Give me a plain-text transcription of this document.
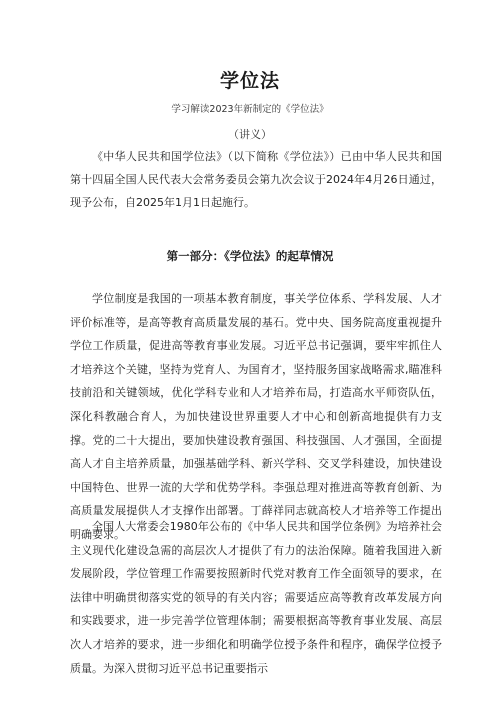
学位法
学习解读2023年新制定的《学位法》
（讲义）

《中华人民共和国学位法》（以下简称《学位法》）已由中华人民共和国第十四届全国人民代表大会常务委员会第九次会议于2024年4月26日通过，现予公布，自2025年1月1日起施行。

第一部分：《学位法》的起草情况

学位制度是我国的一项基本教育制度，事关学位体系、学科发展、人才评价标准等，是高等教育高质量发展的基石。党中央、国务院高度重视提升学位工作质量，促进高等教育事业发展。习近平总书记强调，要牢牢抓住人才培养这个关键，坚持为党育人、为国育才，坚持服务国家战略需求,瞄准科技前沿和关键领域，优化学科专业和人才培养布局，打造高水平师资队伍，深化科教融合育人，为加快建设世界重要人才中心和创新高地提供有力支撑。党的二十大提出，要加快建设教育强国、科技强国、人才强国，全面提高人才自主培养质量，加强基础学科、新兴学科、交叉学科建设，加快建设中国特色、世界一流的大学和优势学科。李强总理对推进高等教育创新、为高质量发展提供人才支撑作出部署。丁薛祥同志就高校人才培养等工作提出明确要求。

全国人大常委会1980年公布的《中华人民共和国学位条例》为培养社会主义现代化建设急需的高层次人才提供了有力的法治保障。随着我国进入新发展阶段，学位管理工作需要按照新时代党对教育工作全面领导的要求，在法律中明确贯彻落实党的领导的有关内容；需要适应高等教育改革发展方向和实践要求，进一步完善学位管理体制；需要根据高等教育事业发展、高层次人才培养的要求，进一步细化和明确学位授予条件和程序，确保学位授予质量。为深入贯彻习近平总书记重要指示
